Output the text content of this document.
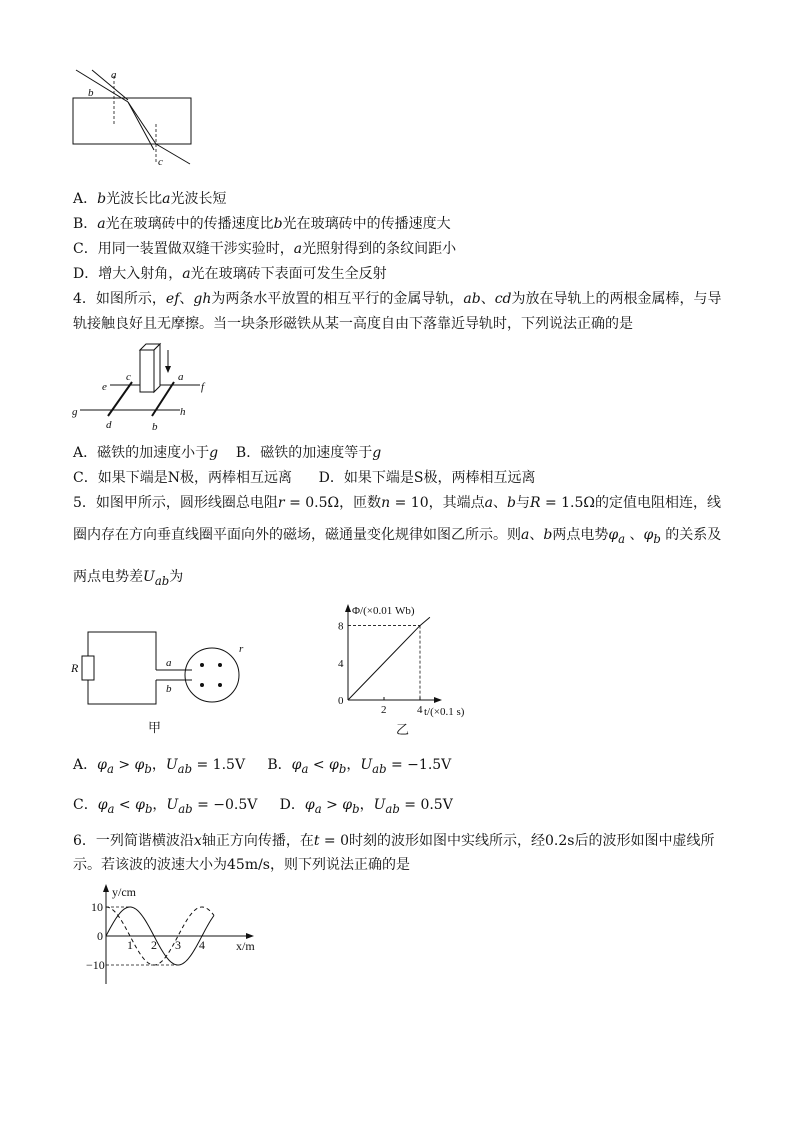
a
b
c
A．b光波长比a光波长短
B．a光在玻璃砖中的传播速度比b光在玻璃砖中的传播速度大
C．用同一装置做双缝干涉实验时，a光照射得到的条纹间距小
D．增大入射角，a光在玻璃砖下表面可发生全反射
4．如图所示，ef、gh为两条水平放置的相互平行的金属导轨，ab、cd为放在导轨上的两根金属棒，与导
轨接触良好且无摩擦。当一块条形磁铁从某一高度自由下落靠近导轨时，下列说法正确的是
e	f
g	h
c	a
d	b
A．磁铁的加速度小于g B．磁铁的加速度等于g
C．如果下端是N极，两棒相互远离 D．如果下端是S极，两棒相互远离
5．如图甲所示，圆形线圈总电阻r = 0.5Ω，匝数n = 10，其端点a、b与R = 1.5Ω的定值电阻相连，线
圈内存在方向垂直线圈平面向外的磁场，磁通量变化规律如图乙所示。则a、b两点电势$\varphi_a$ 、$\varphi_b$ 的关系及
两点电势差$U_{ab}$为
R	a
b
r
甲
0
4
8
2	4
Φ/(×0.01 Wb)
t/(×0.1 s)
乙
A．$\varphi_a > \varphi_b$，$U_{ab} = 1.5V$ B．$\varphi_a < \varphi_b$，$U_{ab} = -1.5V$
C．$\varphi_a < \varphi_b$，$U_{ab} = -0.5V$ D．$\varphi_a > \varphi_b$，$U_{ab} = 0.5V$
6．一列简谐横波沿x轴正方向传播，在t = 0时刻的波形如图中实线所示，经0.2s后的波形如图中虚线所
示。若该波的波速大小为45m/s，则下列说法正确的是
10
0
−10
1 2 3 4
y/cm
x/m
